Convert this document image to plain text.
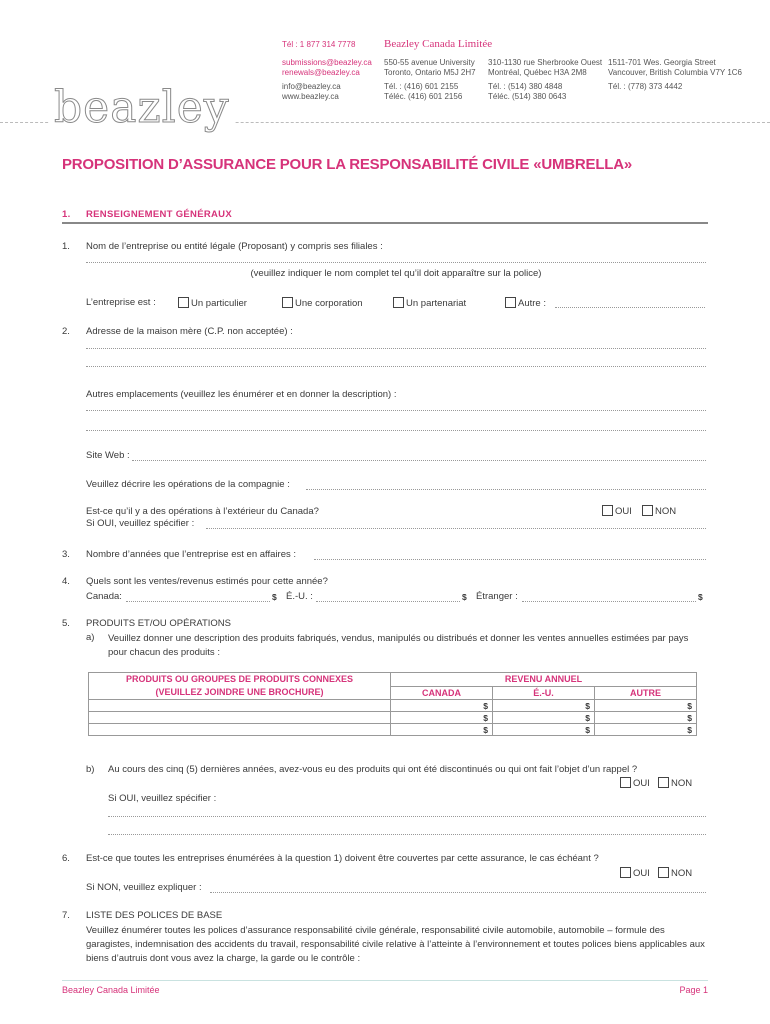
Tél : 1 877 314 7778	Beazley Canada Limitée
submissions@beazley.ca
renewals@beazley.ca
info@beazley.ca
www.beazley.ca
550-55 avenue University
Toronto, Ontario M5J 2H7
Tél. : (416) 601 2155
Téléc. (416) 601 2156
310-1130 rue Sherbrooke Ouest
Montréal, Québec H3A 2M8
Tél. : (514) 380 4848
Téléc. (514) 380 0643
1511-701 Wes. Georgia Street
Vancouver, British Columbia V7Y 1C6
Tél. : (778) 373 4442
beazley
PROPOSITION D’ASSURANCE POUR LA RESPONSABILITÉ CIVILE «UMBRELLA»
1. RENSEIGNEMENT GÉNÉRAUX
1. Nom de l’entreprise ou entité légale (Proposant) y compris ses filiales :
(veuillez indiquer le nom complet tel qu’il doit apparaître sur la police)
L’entreprise est :	Un particulier	Une corporation	Un partenariat	Autre :
2. Adresse de la maison mère (C.P. non acceptée) :
Autres emplacements (veuillez les énumérer et en donner la description) :
Site Web :
Veuillez décrire les opérations de la compagnie :
Est-ce qu’il y a des opérations à l’extérieur du Canada?	OUI	NON
Si OUI, veuillez spécifier :
3. Nombre d’années que l’entreprise est en affaires :
4. Quels sont les ventes/revenus estimés pour cette année?
Canada:	$ É.-U. :	$ Étranger :	$
5. PRODUITS ET/OU OPÉRATIONS
a) Veuillez donner une description des produits fabriqués, vendus, manipulés ou distribués et donner les ventes annuelles estimées par pays pour chacun des produits :
PRODUITS OU GROUPES DE PRODUITS CONNEXES
(VEUILLEZ JOINDRE UNE BROCHURE)	REVENU ANNUEL		
	CANADA	É.-U.	AUTRE
	$	$	$
	$	$	$
	$	$	$
b) Au cours des cinq (5) dernières années, avez-vous eu des produits qui ont été discontinués ou qui ont fait l’objet d’un rappel ?
OUI	NON
Si OUI, veuillez spécifier :
6. Est-ce que toutes les entreprises énumérées à la question 1) doivent être couvertes par cette assurance, le cas échéant ?
OUI	NON
Si NON, veuillez expliquer :
7. LISTE DES POLICES DE BASE
Veuillez énumérer toutes les polices d’assurance responsabilité civile générale, responsabilité civile automobile, automobile – formule des garagistes, indemnisation des accidents du travail, responsabilité civile relative à l’atteinte à l’environnement et toutes polices biens applicables aux biens d’autruis dont vous avez la charge, la garde ou le contrôle :
Beazley Canada Limitée	Page 1
